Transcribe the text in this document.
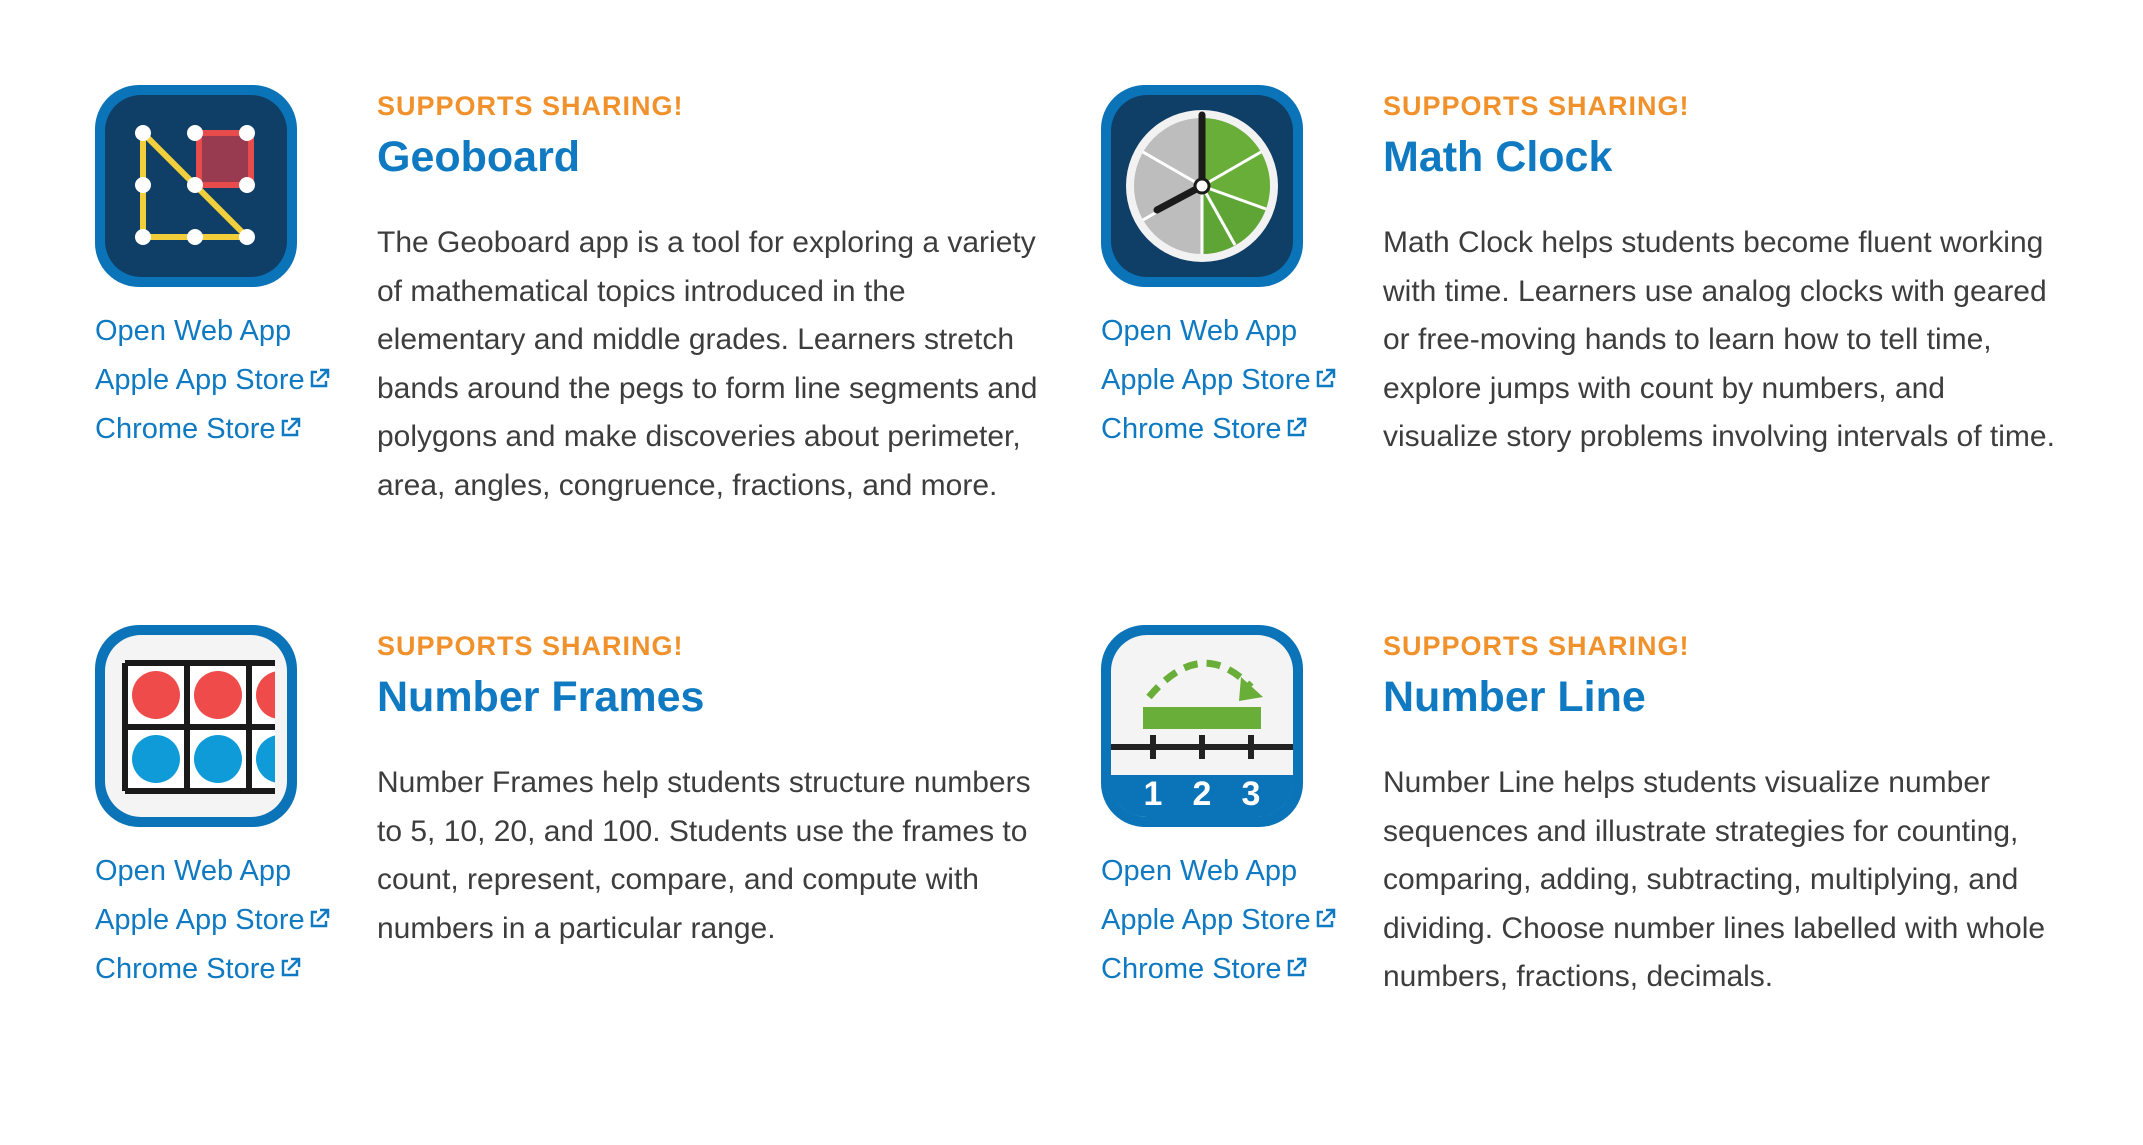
Open Web App
Apple App Store
Chrome Store
SUPPORTS SHARING!
Geoboard

The Geoboard app is a tool for exploring a variety of mathematical topics introduced in the elementary and middle grades. Learners stretch bands around the pegs to form line segments and polygons and make discoveries about perimeter, area, angles, congruence, fractions, and more.

Open Web App
Apple App Store
Chrome Store
SUPPORTS SHARING!
Math Clock

Math Clock helps students become fluent working with time. Learners use analog clocks with geared or free-moving hands to learn how to tell time, explore jumps with count by numbers, and visualize story problems involving intervals of time.

Open Web App
Apple App Store
Chrome Store
SUPPORTS SHARING!
Number Frames

Number Frames help students structure numbers to 5, 10, 20, and 100. Students use the frames to count, represent, compare, and compute with numbers in a particular range.

1 2 3
Open Web App
Apple App Store
Chrome Store
SUPPORTS SHARING!
Number Line

Number Line helps students visualize number sequences and illustrate strategies for counting, comparing, adding, subtracting, multiplying, and dividing. Choose number lines labelled with whole numbers, fractions, decimals.
